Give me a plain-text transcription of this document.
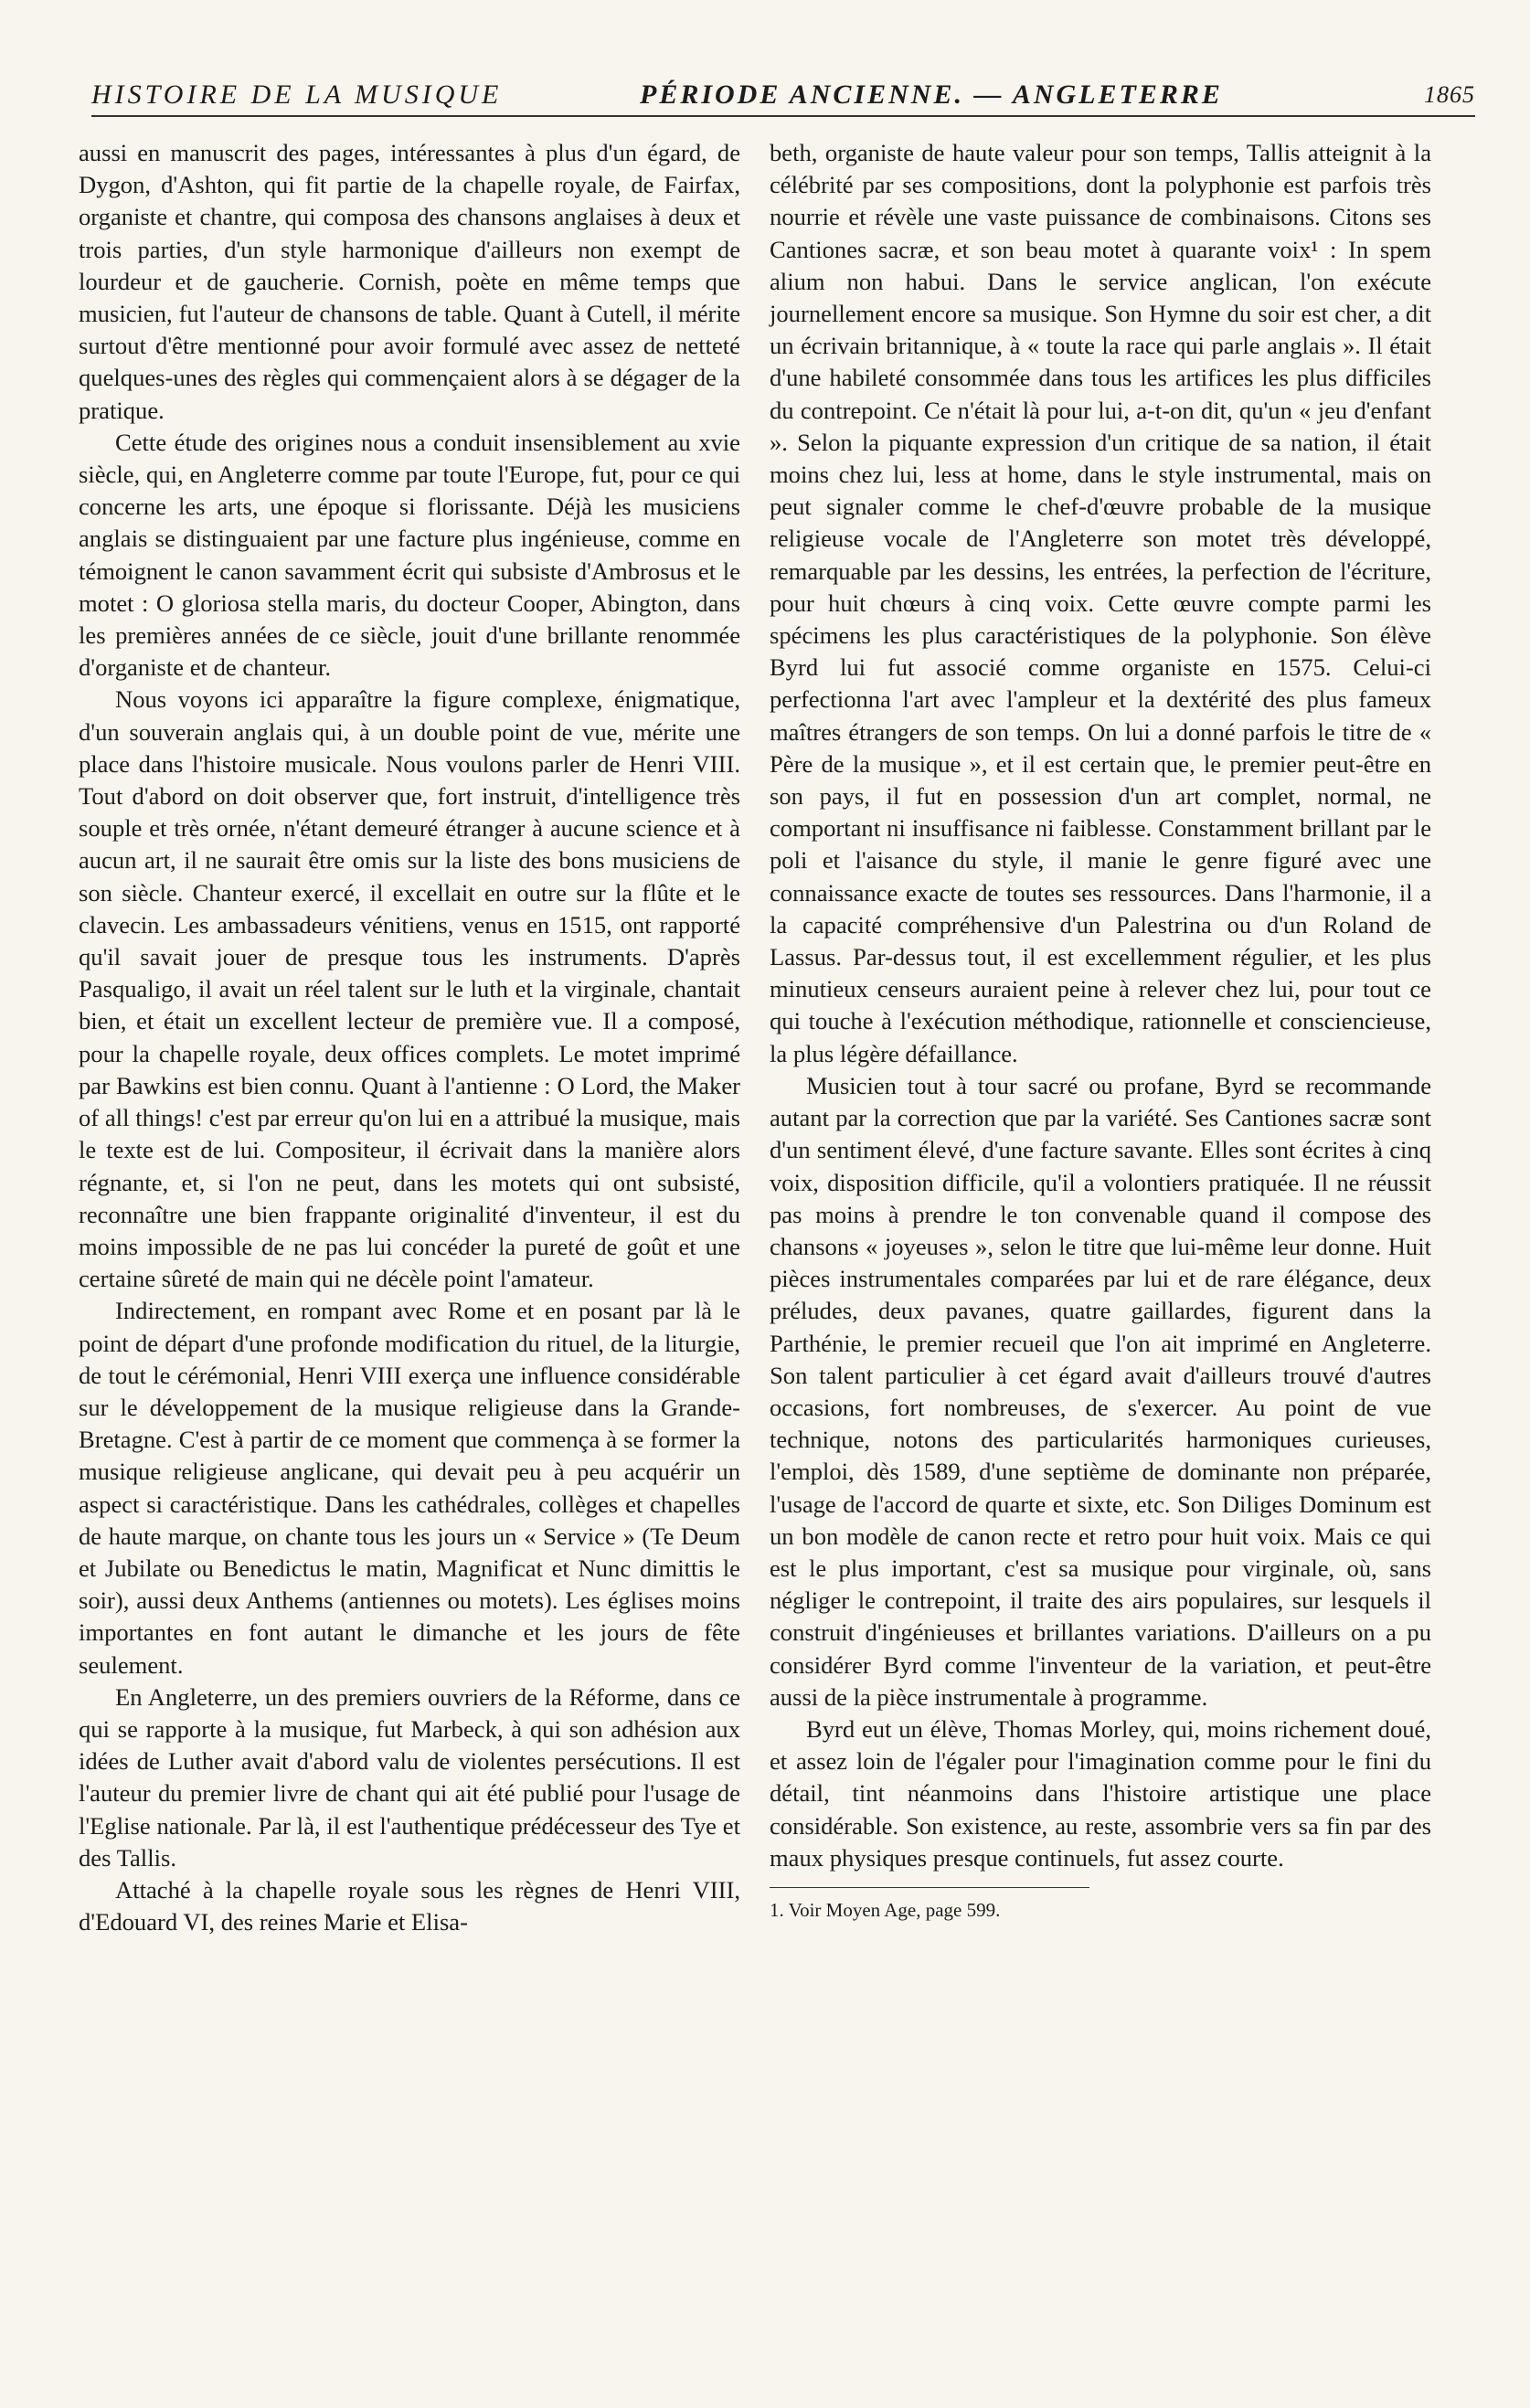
HISTOIRE DE LA MUSIQUE	PÉRIODE ANCIENNE. — ANGLETERRE	1865

aussi en manuscrit des pages, intéressantes à plus d'un égard, de Dygon, d'Ashton, qui fit partie de la chapelle royale, de Fairfax, organiste et chantre, qui composa des chansons anglaises à deux et trois parties, d'un style harmonique d'ailleurs non exempt de lourdeur et de gaucherie. Cornish, poète en même temps que musicien, fut l'auteur de chansons de table. Quant à Cutell, il mérite surtout d'être mentionné pour avoir formulé avec assez de netteté quelques-unes des règles qui commençaient alors à se dégager de la pratique.

Cette étude des origines nous a conduit insensiblement au xvie siècle, qui, en Angleterre comme par toute l'Europe, fut, pour ce qui concerne les arts, une époque si florissante. Déjà les musiciens anglais se distinguaient par une facture plus ingénieuse, comme en témoignent le canon savamment écrit qui subsiste d'Ambrosus et le motet : O gloriosa stella maris, du docteur Cooper, Abington, dans les premières années de ce siècle, jouit d'une brillante renommée d'organiste et de chanteur.

Nous voyons ici apparaître la figure complexe, énigmatique, d'un souverain anglais qui, à un double point de vue, mérite une place dans l'histoire musicale. Nous voulons parler de Henri VIII. Tout d'abord on doit observer que, fort instruit, d'intelligence très souple et très ornée, n'étant demeuré étranger à aucune science et à aucun art, il ne saurait être omis sur la liste des bons musiciens de son siècle. Chanteur exercé, il excellait en outre sur la flûte et le clavecin. Les ambassadeurs vénitiens, venus en 1515, ont rapporté qu'il savait jouer de presque tous les instruments. D'après Pasqualigo, il avait un réel talent sur le luth et la virginale, chantait bien, et était un excellent lecteur de première vue. Il a composé, pour la chapelle royale, deux offices complets. Le motet imprimé par Bawkins est bien connu. Quant à l'antienne : O Lord, the Maker of all things! c'est par erreur qu'on lui en a attribué la musique, mais le texte est de lui. Compositeur, il écrivait dans la manière alors régnante, et, si l'on ne peut, dans les motets qui ont subsisté, reconnaître une bien frappante originalité d'inventeur, il est du moins impossible de ne pas lui concéder la pureté de goût et une certaine sûreté de main qui ne décèle point l'amateur.

Indirectement, en rompant avec Rome et en posant par là le point de départ d'une profonde modification du rituel, de la liturgie, de tout le cérémonial, Henri VIII exerça une influence considérable sur le développement de la musique religieuse dans la Grande-Bretagne. C'est à partir de ce moment que commença à se former la musique religieuse anglicane, qui devait peu à peu acquérir un aspect si caractéristique. Dans les cathédrales, collèges et chapelles de haute marque, on chante tous les jours un « Service » (Te Deum et Jubilate ou Benedictus le matin, Magnificat et Nunc dimittis le soir), aussi deux Anthems (antiennes ou motets). Les églises moins importantes en font autant le dimanche et les jours de fête seulement.

En Angleterre, un des premiers ouvriers de la Réforme, dans ce qui se rapporte à la musique, fut Marbeck, à qui son adhésion aux idées de Luther avait d'abord valu de violentes persécutions. Il est l'auteur du premier livre de chant qui ait été publié pour l'usage de l'Eglise nationale. Par là, il est l'authentique prédécesseur des Tye et des Tallis.

Attaché à la chapelle royale sous les règnes de Henri VIII, d'Edouard VI, des reines Marie et Elisa-

beth, organiste de haute valeur pour son temps, Tallis atteignit à la célébrité par ses compositions, dont la polyphonie est parfois très nourrie et révèle une vaste puissance de combinaisons. Citons ses Cantiones sacræ, et son beau motet à quarante voix¹ : In spem alium non habui. Dans le service anglican, l'on exécute journellement encore sa musique. Son Hymne du soir est cher, a dit un écrivain britannique, à « toute la race qui parle anglais ». Il était d'une habileté consommée dans tous les artifices les plus difficiles du contrepoint. Ce n'était là pour lui, a-t-on dit, qu'un « jeu d'enfant ». Selon la piquante expression d'un critique de sa nation, il était moins chez lui, less at home, dans le style instrumental, mais on peut signaler comme le chef-d'œuvre probable de la musique religieuse vocale de l'Angleterre son motet très développé, remarquable par les dessins, les entrées, la perfection de l'écriture, pour huit chœurs à cinq voix. Cette œuvre compte parmi les spécimens les plus caractéristiques de la polyphonie. Son élève Byrd lui fut associé comme organiste en 1575. Celui-ci perfectionna l'art avec l'ampleur et la dextérité des plus fameux maîtres étrangers de son temps. On lui a donné parfois le titre de « Père de la musique », et il est certain que, le premier peut-être en son pays, il fut en possession d'un art complet, normal, ne comportant ni insuffisance ni faiblesse. Constamment brillant par le poli et l'aisance du style, il manie le genre figuré avec une connaissance exacte de toutes ses ressources. Dans l'harmonie, il a la capacité compréhensive d'un Palestrina ou d'un Roland de Lassus. Par-dessus tout, il est excellemment régulier, et les plus minutieux censeurs auraient peine à relever chez lui, pour tout ce qui touche à l'exécution méthodique, rationnelle et consciencieuse, la plus légère défaillance.

Musicien tout à tour sacré ou profane, Byrd se recommande autant par la correction que par la variété. Ses Cantiones sacræ sont d'un sentiment élevé, d'une facture savante. Elles sont écrites à cinq voix, disposition difficile, qu'il a volontiers pratiquée. Il ne réussit pas moins à prendre le ton convenable quand il compose des chansons « joyeuses », selon le titre que lui-même leur donne. Huit pièces instrumentales comparées par lui et de rare élégance, deux préludes, deux pavanes, quatre gaillardes, figurent dans la Parthénie, le premier recueil que l'on ait imprimé en Angleterre. Son talent particulier à cet égard avait d'ailleurs trouvé d'autres occasions, fort nombreuses, de s'exercer. Au point de vue technique, notons des particularités harmoniques curieuses, l'emploi, dès 1589, d'une septième de dominante non préparée, l'usage de l'accord de quarte et sixte, etc. Son Diliges Dominum est un bon modèle de canon recte et retro pour huit voix. Mais ce qui est le plus important, c'est sa musique pour virginale, où, sans négliger le contrepoint, il traite des airs populaires, sur lesquels il construit d'ingénieuses et brillantes variations. D'ailleurs on a pu considérer Byrd comme l'inventeur de la variation, et peut-être aussi de la pièce instrumentale à programme.

Byrd eut un élève, Thomas Morley, qui, moins richement doué, et assez loin de l'égaler pour l'imagination comme pour le fini du détail, tint néanmoins dans l'histoire artistique une place considérable. Son existence, au reste, assombrie vers sa fin par des maux physiques presque continuels, fut assez courte.

1. Voir Moyen Age, page 599.
